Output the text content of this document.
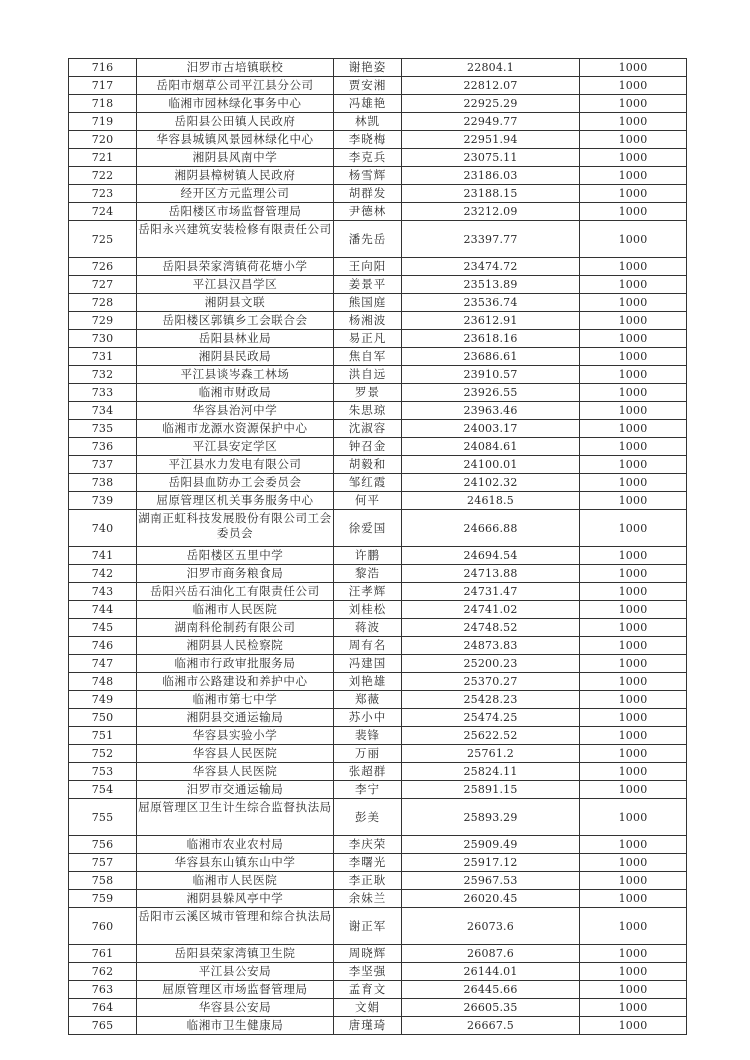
716	汨罗市古培镇联校	谢艳姿	22804.1	1000
717	岳阳市烟草公司平江县分公司	贾安湘	22812.07	1000
718	临湘市园林绿化事务中心	冯雄艳	22925.29	1000
719	岳阳县公田镇人民政府	林凯	22949.77	1000
720	华容县城镇风景园林绿化中心	李晓梅	22951.94	1000
721	湘阴县风南中学	李克兵	23075.11	1000
722	湘阴县樟树镇人民政府	杨雪辉	23186.03	1000
723	经开区方元监理公司	胡群发	23188.15	1000
724	岳阳楼区市场监督管理局	尹德林	23212.09	1000
725	岳阳永兴建筑安装检修有限责任公司	潘先岳	23397.77	1000
726	岳阳县荣家湾镇荷花塘小学	王向阳	23474.72	1000
727	平江县汉昌学区	姜景平	23513.89	1000
728	湘阴县文联	熊国庭	23536.74	1000
729	岳阳楼区郭镇乡工会联合会	杨湘波	23612.91	1000
730	岳阳县林业局	易正凡	23618.16	1000
731	湘阴县民政局	焦自军	23686.61	1000
732	平江县谈岑森工林场	洪自远	23910.57	1000
733	临湘市财政局	罗景	23926.55	1000
734	华容县治河中学	朱思琼	23963.46	1000
735	临湘市龙源水资源保护中心	沈淑容	24003.17	1000
736	平江县安定学区	钟召金	24084.61	1000
737	平江县水力发电有限公司	胡毅和	24100.01	1000
738	岳阳县血防办工会委员会	邹红霞	24102.32	1000
739	屈原管理区机关事务服务中心	何平	24618.5	1000
740	湖南正虹科技发展股份有限公司工会委员会	徐爱国	24666.88	1000
741	岳阳楼区五里中学	许鹏	24694.54	1000
742	汨罗市商务粮食局	黎浩	24713.88	1000
743	岳阳兴岳石油化工有限责任公司	汪孝辉	24731.47	1000
744	临湘市人民医院	刘桂松	24741.02	1000
745	湖南科伦制药有限公司	蒋波	24748.52	1000
746	湘阴县人民检察院	周有名	24873.83	1000
747	临湘市行政审批服务局	冯建国	25200.23	1000
748	临湘市公路建设和养护中心	刘艳雄	25370.27	1000
749	临湘市第七中学	郑薇	25428.23	1000
750	湘阴县交通运输局	苏小中	25474.25	1000
751	华容县实验小学	裴锋	25622.52	1000
752	华容县人民医院	万丽	25761.2	1000
753	华容县人民医院	张超群	25824.11	1000
754	汨罗市交通运输局	李宁	25891.15	1000
755	屈原管理区卫生计生综合监督执法局	彭美	25893.29	1000
756	临湘市农业农村局	李庆荣	25909.49	1000
757	华容县东山镇东山中学	李曙光	25917.12	1000
758	临湘市人民医院	李正耿	25967.53	1000
759	湘阴县躲风亭中学	余妹兰	26020.45	1000
760	岳阳市云溪区城市管理和综合执法局	谢正军	26073.6	1000
761	岳阳县荣家湾镇卫生院	周晓辉	26087.6	1000
762	平江县公安局	李坚强	26144.01	1000
763	屈原管理区市场监督管理局	孟育文	26445.66	1000
764	华容县公安局	文娟	26605.35	1000
765	临湘市卫生健康局	唐瑾琦	26667.5	1000
